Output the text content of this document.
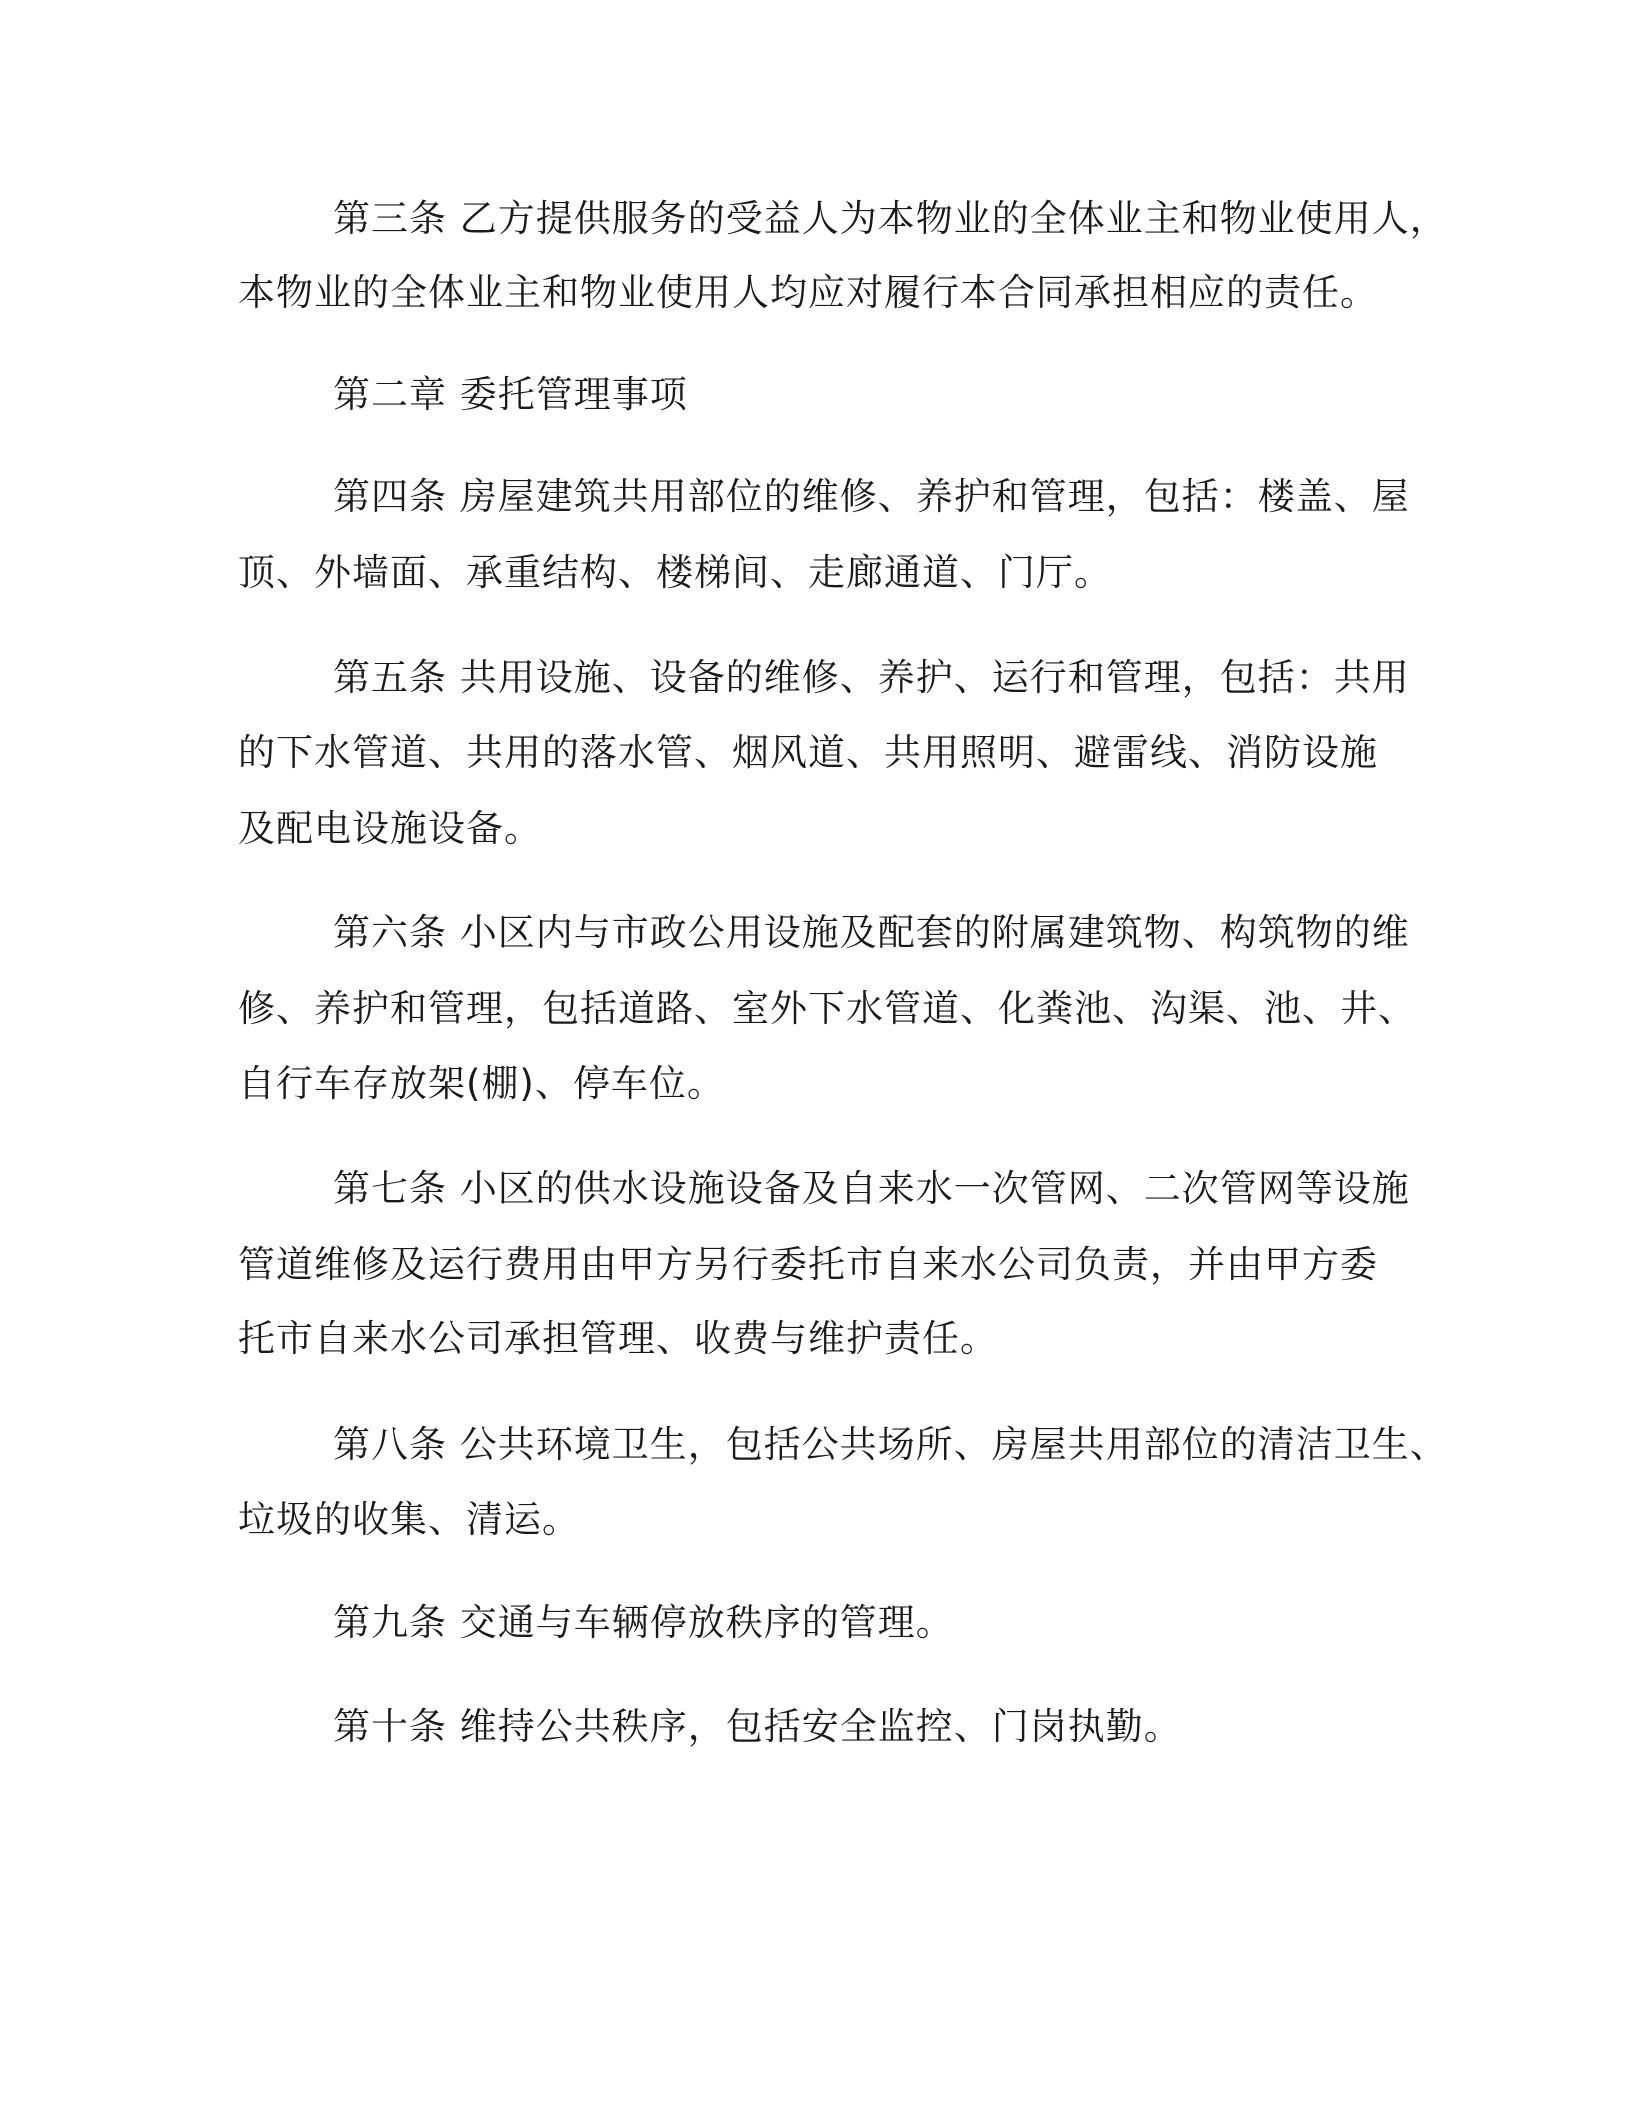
第三条 乙方提供服务的受益人为本物业的全体业主和物业使用人，
本物业的全体业主和物业使用人均应对履行本合同承担相应的责任。
第二章 委托管理事项
第四条 房屋建筑共用部位的维修、养护和管理，包括：楼盖、屋
顶、外墙面、承重结构、楼梯间、走廊通道、门厅。
第五条 共用设施、设备的维修、养护、运行和管理，包括：共用
的下水管道、共用的落水管、烟风道、共用照明、避雷线、消防设施
及配电设施设备。
第六条 小区内与市政公用设施及配套的附属建筑物、构筑物的维
修、养护和管理，包括道路、室外下水管道、化粪池、沟渠、池、井、
自行车存放架(棚)、停车位。
第七条 小区的供水设施设备及自来水一次管网、二次管网等设施
管道维修及运行费用由甲方另行委托市自来水公司负责，并由甲方委
托市自来水公司承担管理、收费与维护责任。
第八条 公共环境卫生，包括公共场所、房屋共用部位的清洁卫生、
垃圾的收集、清运。
第九条 交通与车辆停放秩序的管理。
第十条 维持公共秩序，包括安全监控、门岗执勤。
